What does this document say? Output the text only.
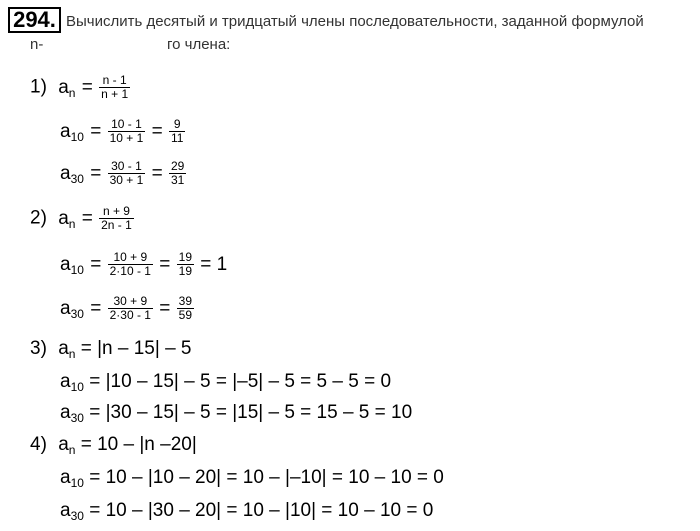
294. Вычислить десятый и тридцатый члены последовательности, заданной формулой
n-	го члена:
1) $a_n = \frac{n - 1}{n + 1}$
$a_{10} = \frac{10 - 1}{10 + 1} = \frac{9}{11}$
$a_{30} = \frac{30 - 1}{30 + 1} = \frac{29}{31}$
2) $a_n = \frac{n + 9}{2n - 1}$
$a_{10} = \frac{10 + 9}{2\cdot 10 - 1} = \frac{19}{19} = 1$
$a_{30} = \frac{30 + 9}{2\cdot 30 - 1} = \frac{39}{59}$
3) $a_n = |n - 15| - 5$
$a_{10} = |10 - 15| - 5 = |-5| - 5 = 5 - 5 = 0$
$a_{30} = |30 - 15| - 5 = |15| - 5 = 15 - 5 = 10$
4) $a_n = 10 - |n$ –20|
$a_{10} = 10 - |10 - 20| = 10 - |-10| = 10 - 10 = 0$
$a_{30} = 10 - |30 - 20| = 10 - |10| = 10 - 10 = 0$
